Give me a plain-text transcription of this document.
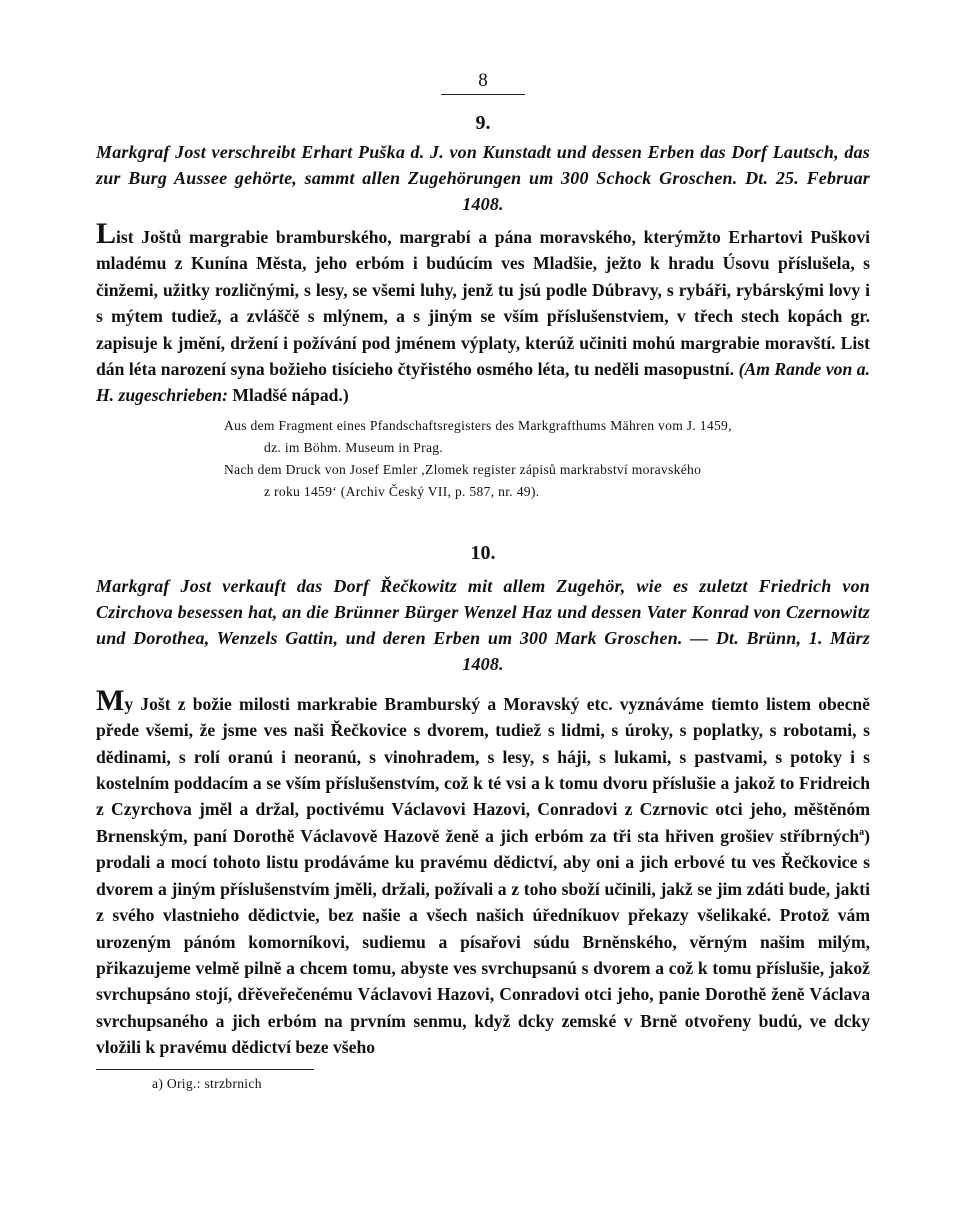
8
9.
Markgraf Jost verschreibt Erhart Puška d. J. von Kunstadt und dessen Erben das Dorf Lautsch, das zur Burg Aussee gehörte, sammt allen Zugehörungen um 300 Schock Groschen. Dt. 25. Februar 1408.
List Joštů margrabie bramburského, margrabí a pána moravského, kterýmžto Erhartovi Puškovi mladému z Kunína Města, jeho erbóm i budúcím ves Mladšie, ježto k hradu Úsovu příslušela, s činžemi, užitky rozličnými, s lesy, se všemi luhy, jenž tu jsú podle Dúbravy, s rybáři, rybárskými lovy i s mýtem tudiež, a zvláščě s mlýnem, a s jiným se vším příslušenstviem, v třech stech kopách gr. zapisuje k jmění, držení i požívání pod jménem výplaty, kterúž učiniti mohú margrabie moravští. List dán léta narození syna božieho tisícieho čtyřistého osmého léta, tu neděli masopustní. (Am Rande von a. H. zugeschrieben: Mladšé nápad.)
Aus dem Fragment eines Pfandschaftsregisters des Markgrafthums Mähren vom J. 1459,
dz. im Böhm. Museum in Prag.
Nach dem Druck von Josef Emler ,Zlomek register zápisů markrabství moravského
z roku 1459‘ (Archiv Český VII, p. 587, nr. 49).
10.
Markgraf Jost verkauft das Dorf Řečkowitz mit allem Zugehör, wie es zuletzt Friedrich von Czirchova besessen hat, an die Brünner Bürger Wenzel Haz und dessen Vater Konrad von Czernowitz und Dorothea, Wenzels Gattin, und deren Erben um 300 Mark Groschen. — Dt. Brünn, 1. März 1408.
My Jošt z božie milosti markrabie Bramburský a Moravský etc. vyznáváme tiemto listem obecně přede všemi, že jsme ves naši Řečkovice s dvorem, tudiež s lidmi, s úroky, s poplatky, s robotami, s dědinami, s rolí oranú i neoranú, s vinohradem, s lesy, s háji, s lukami, s pastvami, s potoky i s kostelním poddacím a se vším příslušenstvím, což k té vsi a k tomu dvoru příslušie a jakož to Fridreich z Czyrchova jměl a držal, poctivému Václavovi Hazovi, Conradovi z Czrnovic otci jeho, měštěnóm Brnenským, paní Dorothě Václavově Hazově ženě a jich erbóm za tři sta hřiven grošiev stříbrných$^a$) prodali a mocí tohoto listu prodáváme ku pravému dědictví, aby oni a jich erbové tu ves Řečkovice s dvorem a jiným příslušenstvím jměli, držali, požívali a z toho sboží učinili, jakž se jim zdáti bude, jakti z svého vlastnieho dědictvie, bez našie a všech našich úředníkuov překazy všelikaké. Protož vám urozeným pánóm komorníkovi, sudiemu a písařovi súdu Brněnského, věrným našim milým, přikazujeme velmě pilně a chcem tomu, abyste ves svrchupsanú s dvorem a což k tomu příslušie, jakož svrchupsáno stojí, dřěveřečenému Václavovi Hazovi, Conradovi otci jeho, panie Dorothě ženě Václava svrchupsaného a jich erbóm na prvním senmu, když dcky zemské v Brně otvořeny budú, ve dcky vložili k pravému dědictví beze všeho
a) Orig.: strzbrnich
